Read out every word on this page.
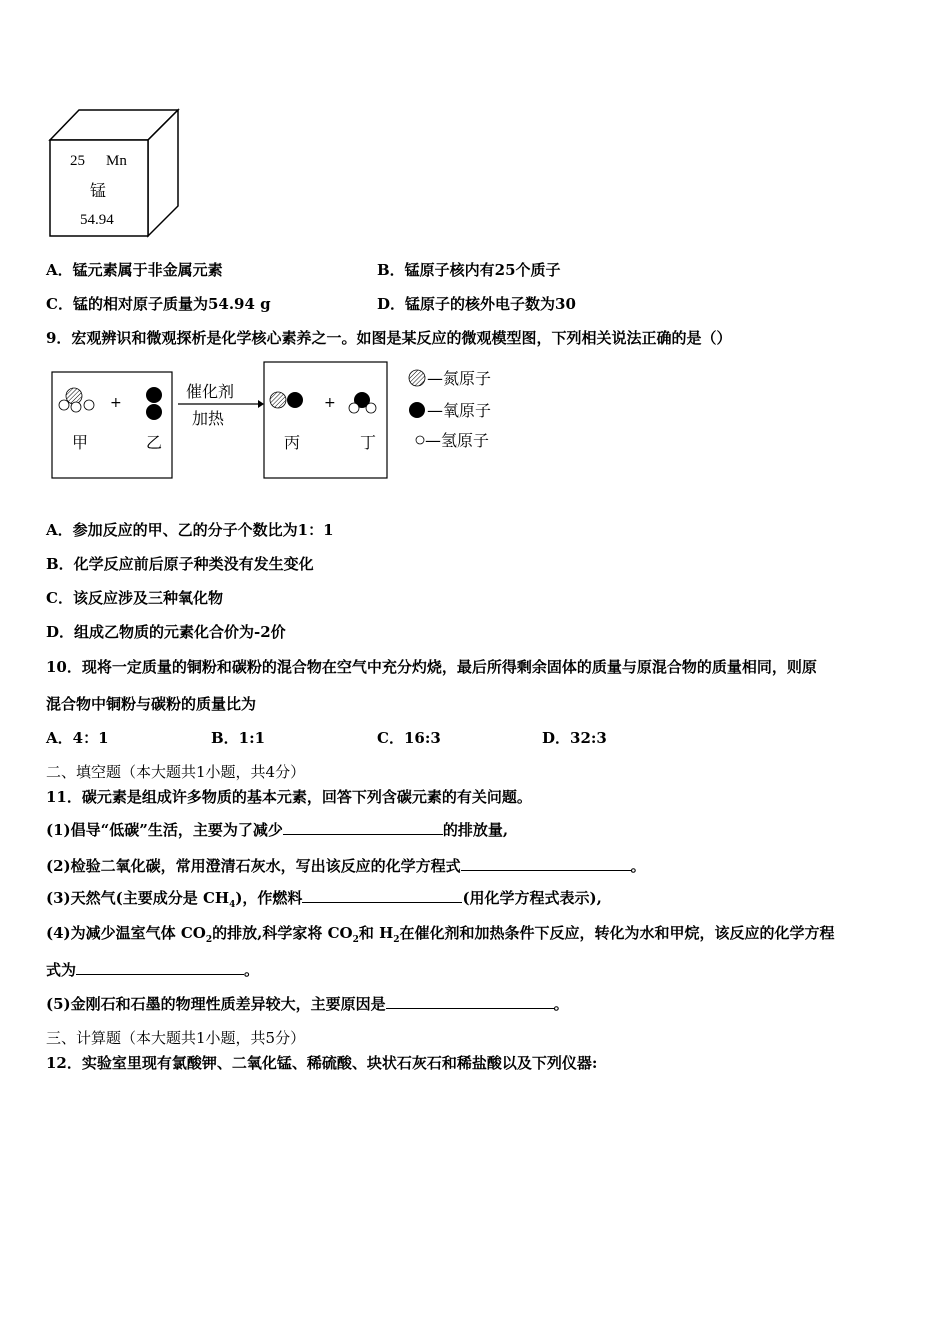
25 Mn
锰
54.94
A．锰元素属于非金属元素	B．锰原子核内有25个质子
C．锰的相对原子质量为54.94 g	D．锰原子的核外电子数为30
9．宏观辨识和微观探析是化学核心素养之一。如图是某反应的微观模型图，下列相关说法正确的是（）
+
甲	乙
催化剂
加热
+
丙	丁
—氮原子
—氧原子
—氢原子
A．参加反应的甲、乙的分子个数比为1：1
B．化学反应前后原子种类没有发生变化
C．该反应涉及三种氧化物
D．组成乙物质的元素化合价为-2价
10．现将一定质量的铜粉和碳粉的混合物在空气中充分灼烧，最后所得剩余固体的质量与原混合物的质量相同，则原
混合物中铜粉与碳粉的质量比为
A．4：1	B．1:1	C．16:3	D．32:3
二、填空题（本大题共1小题，共4分）
11．碳元素是组成许多物质的基本元素，回答下列含碳元素的有关问题。
(1)倡导“低碳”生活，主要为了减少	的排放量,
(2)检验二氧化碳，常用澄清石灰水，写出该反应的化学方程式	。
(3)天然气(主要成分是 $CH_4$)，作燃料	(用化学方程式表示),
(4)为减少温室气体 $CO_2$的排放,科学家将 $CO_2$和 $H_2$在催化剂和加热条件下反应，转化为水和甲烷，该反应的化学方程
式为	。
(5)金刚石和石墨的物理性质差异较大，主要原因是	。
三、计算题（本大题共1小题，共5分）
12．实验室里现有氯酸钾、二氧化锰、稀硫酸、块状石灰石和稀盐酸以及下列仪器:
